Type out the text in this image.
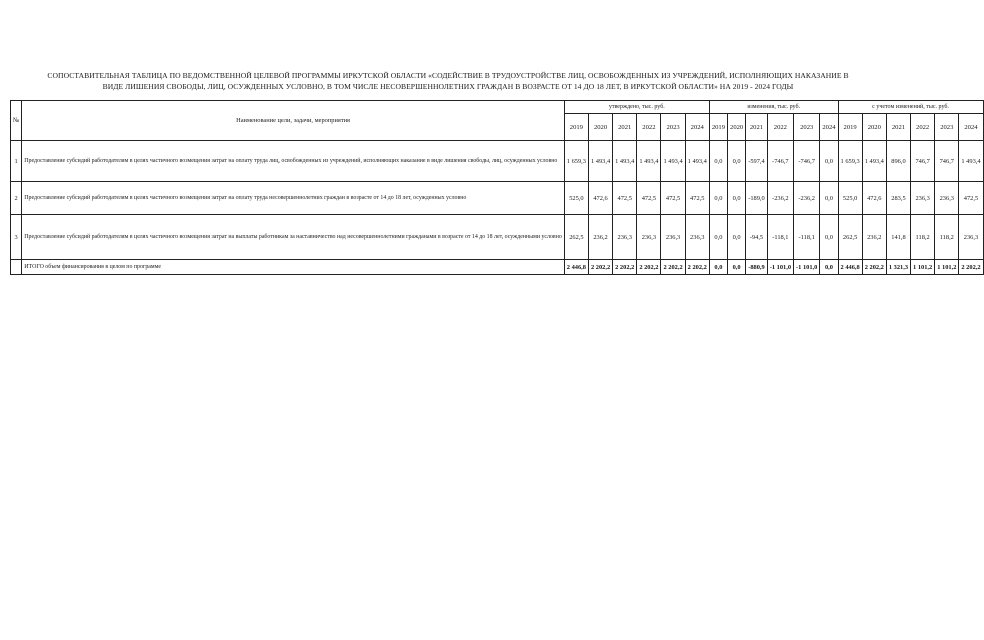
СОПОСТАВИТЕЛЬНАЯ ТАБЛИЦА ПО ВЕДОМСТВЕННОЙ ЦЕЛЕВОЙ ПРОГРАММЫ ИРКУТСКОЙ ОБЛАСТИ «СОДЕЙСТВИЕ В ТРУДОУСТРОЙСТВЕ ЛИЦ, ОСВОБОЖДЕННЫХ ИЗ УЧРЕЖДЕНИЙ, ИСПОЛНЯЮЩИХ НАКАЗАНИЕ В
ВИДЕ ЛИШЕНИЯ СВОБОДЫ, ЛИЦ, ОСУЖДЕННЫХ УСЛОВНО, В ТОМ ЧИСЛЕ НЕСОВЕРШЕННОЛЕТНИХ ГРАЖДАН В ВОЗРАСТЕ ОТ 14 ДО 18 ЛЕТ, В ИРКУТСКОЙ ОБЛАСТИ» НА 2019 - 2024 ГОДЫ
№	Наименование цели, задачи, мероприятия	утверждено, тыс. руб.						изменения, тыс. руб.						с учетом изменений, тыс. руб.					
		2019	2020	2021	2022	2023	2024	2019	2020	2021	2022	2023	2024	2019	2020	2021	2022	2023	2024
1	Предоставление субсидий работодателям в целях частичного возмещения затрат на оплату труда лиц, освобожденных из учреждений, исполняющих наказание в виде лишения свободы, лиц, осужденных условно	1 659,3	1 493,4	1 493,4	1 493,4	1 493,4	1 493,4	0,0	0,0	-597,4	-746,7	-746,7	0,0	1 659,3	1 493,4	896,0	746,7	746,7	1 493,4
2	Предоставление субсидий работодателям в целях частичного возмещения затрат на оплату труда несовершеннолетних граждан в возрасте от 14 до 18 лет, осужденных условно	525,0	472,6	472,5	472,5	472,5	472,5	0,0	0,0	-189,0	-236,2	-236,2	0,0	525,0	472,6	283,5	236,3	236,3	472,5
3	Предоставление субсидий работодателям в целях частичного возмещения затрат на выплаты работникам за наставничество над несовершеннолетними гражданами в возрасте от 14 до 18 лет, осужденными условно	262,5	236,2	236,3	236,3	236,3	236,3	0,0	0,0	-94,5	-118,1	-118,1	0,0	262,5	236,2	141,8	118,2	118,2	236,3
	ИТОГО объем финансирования в целом по программе	2 446,8	2 202,2	2 202,2	2 202,2	2 202,2	2 202,2	0,0	0,0	-880,9	-1 101,0	-1 101,0	0,0	2 446,8	2 202,2	1 321,3	1 101,2	1 101,2	2 202,2
